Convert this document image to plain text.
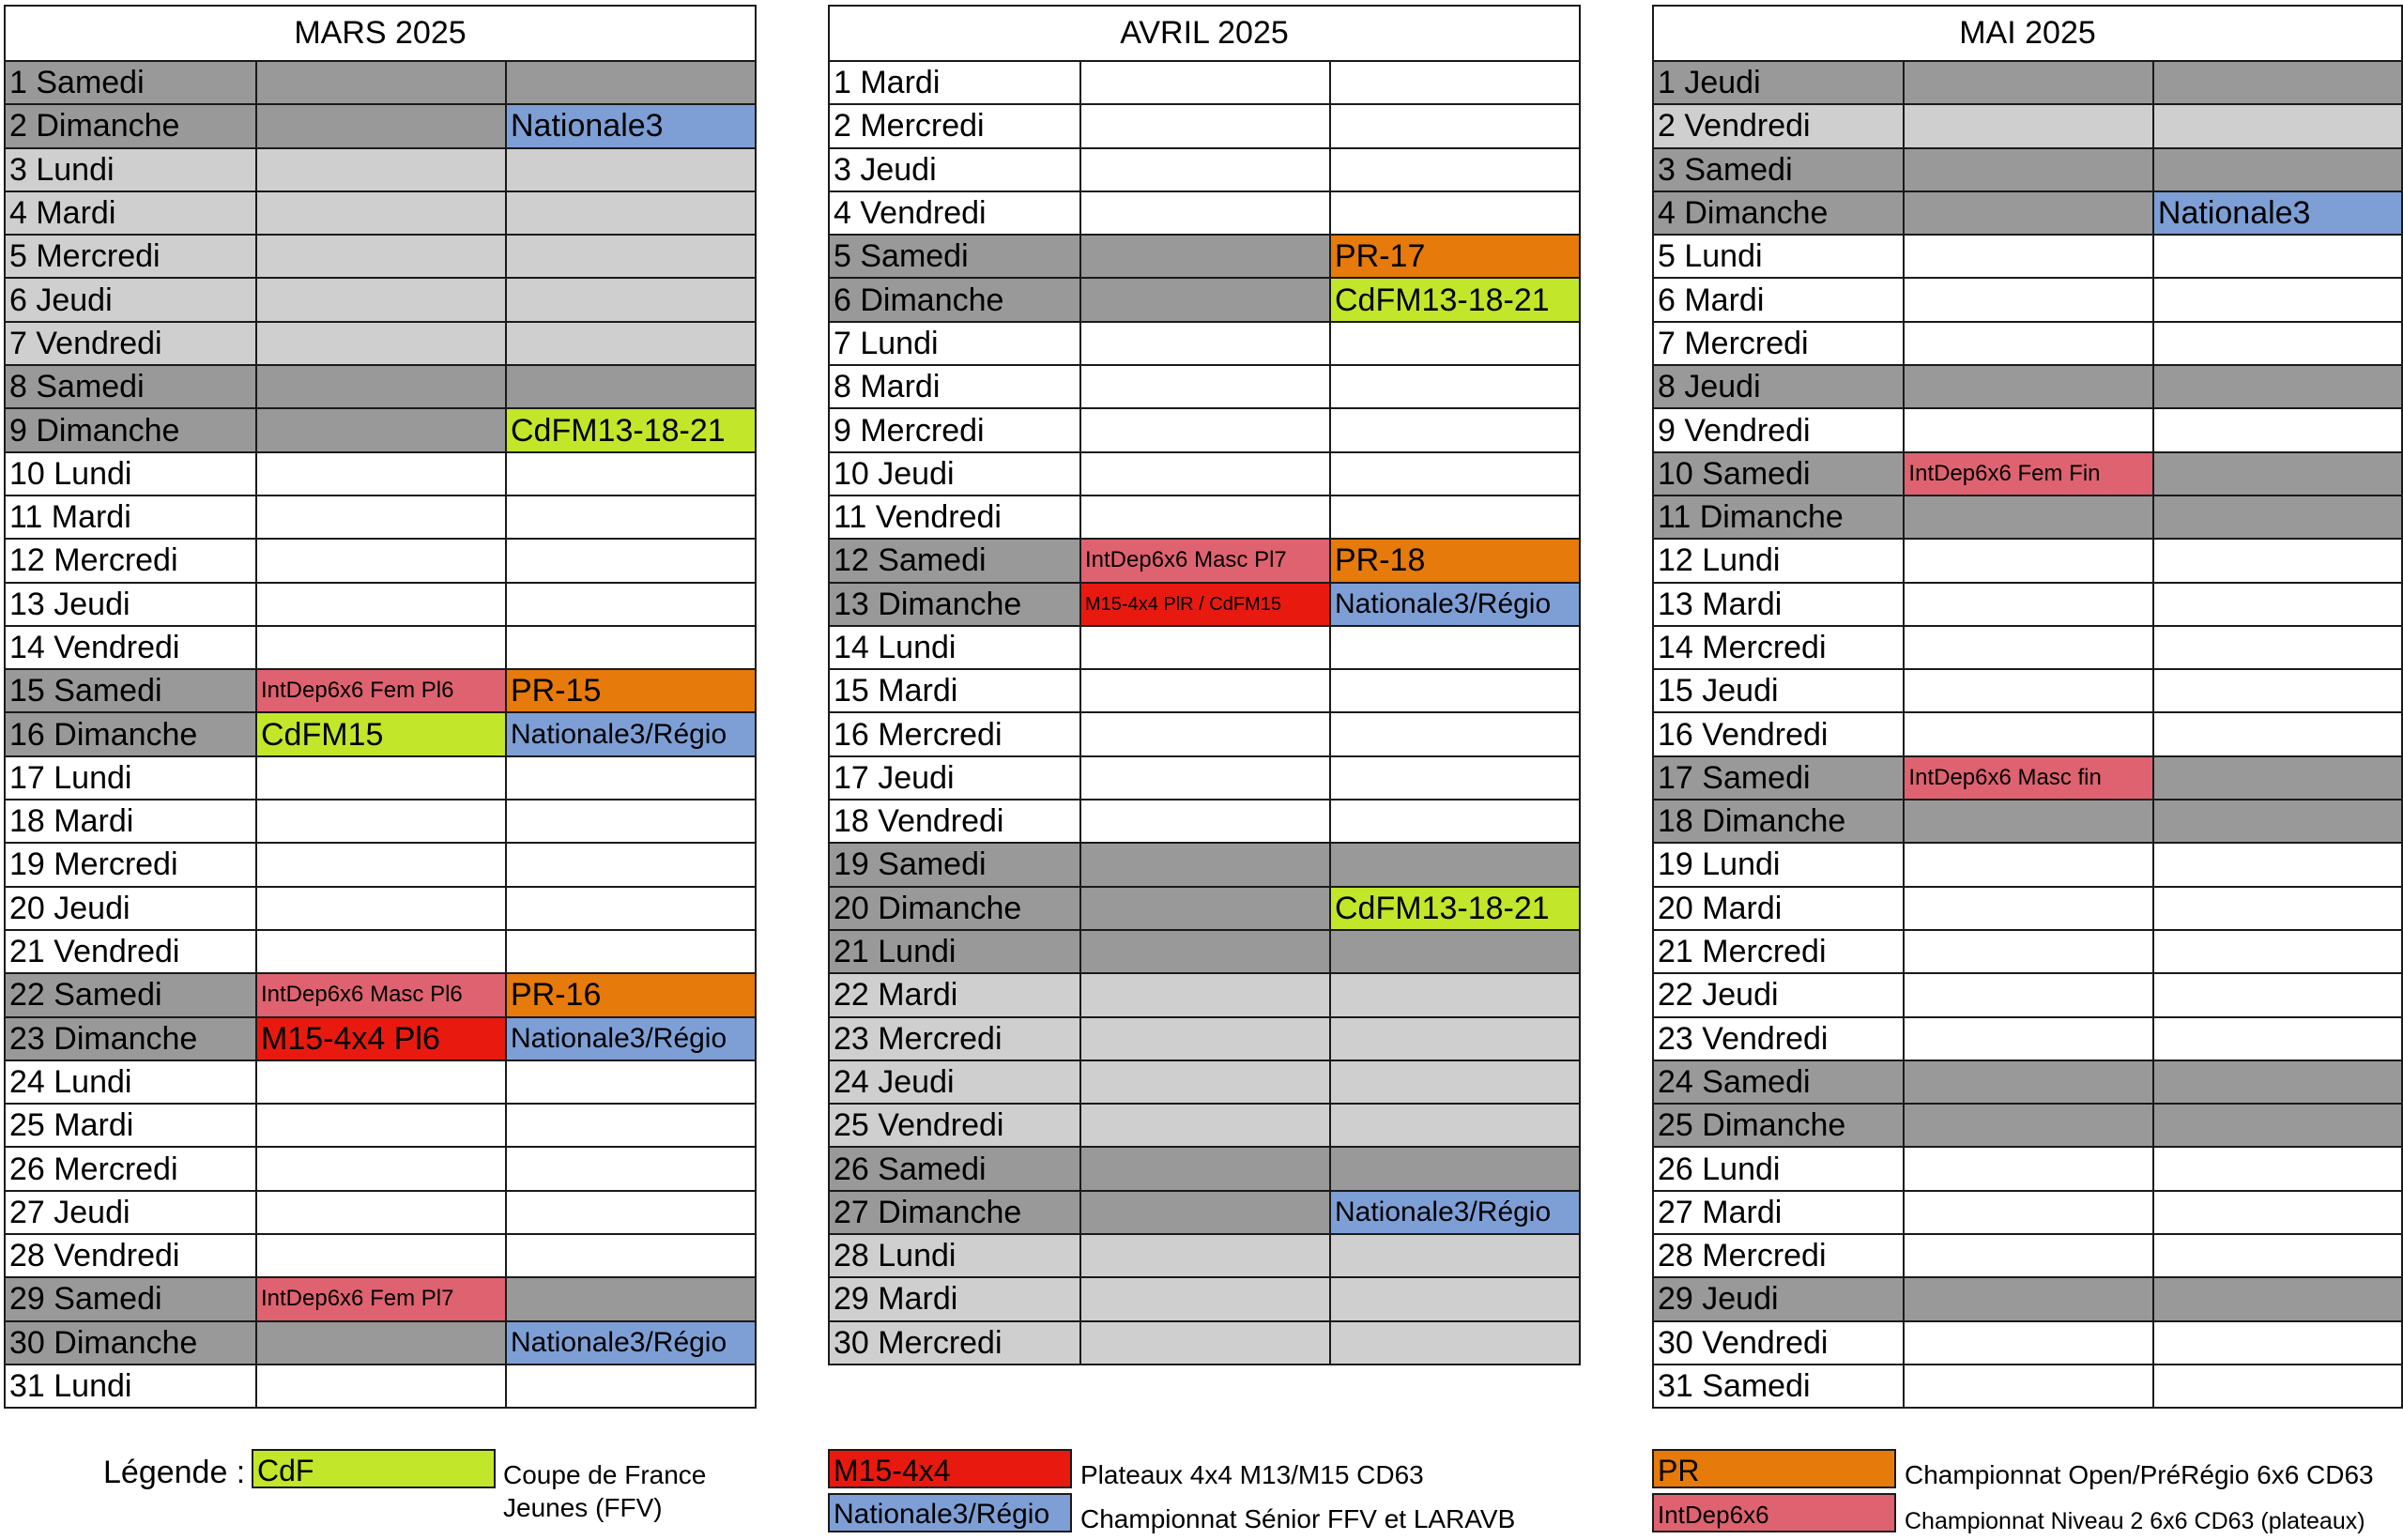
MARS 2025		
1 Samedi		
2 Dimanche		Nationale3
3 Lundi		
4 Mardi		
5 Mercredi		
6 Jeudi		
7 Vendredi		
8 Samedi		
9 Dimanche		CdFM13-18-21
10 Lundi		
11 Mardi		
12 Mercredi		
13 Jeudi		
14 Vendredi		
15 Samedi	IntDep6x6 Fem Pl6	PR-15
16 Dimanche	CdFM15	Nationale3/Régio
17 Lundi		
18 Mardi		
19 Mercredi		
20 Jeudi		
21 Vendredi		
22 Samedi	IntDep6x6 Masc Pl6	PR-16
23 Dimanche	M15-4x4 Pl6	Nationale3/Régio
24 Lundi		
25 Mardi		
26 Mercredi		
27 Jeudi		
28 Vendredi		
29 Samedi	IntDep6x6 Fem Pl7	
30 Dimanche		Nationale3/Régio
31 Lundi		
AVRIL 2025		
1 Mardi		
2 Mercredi		
3 Jeudi		
4 Vendredi		
5 Samedi		PR-17
6 Dimanche		CdFM13-18-21
7 Lundi		
8 Mardi		
9 Mercredi		
10 Jeudi		
11 Vendredi		
12 Samedi	IntDep6x6 Masc Pl7	PR-18
13 Dimanche	M15-4x4 PlR / CdFM15	Nationale3/Régio
14 Lundi		
15 Mardi		
16 Mercredi		
17 Jeudi		
18 Vendredi		
19 Samedi		
20 Dimanche		CdFM13-18-21
21 Lundi		
22 Mardi		
23 Mercredi		
24 Jeudi		
25 Vendredi		
26 Samedi		
27 Dimanche		Nationale3/Régio
28 Lundi		
29 Mardi		
30 Mercredi		
MAI 2025		
1 Jeudi		
2 Vendredi		
3 Samedi		
4 Dimanche		Nationale3
5 Lundi		
6 Mardi		
7 Mercredi		
8 Jeudi		
9 Vendredi		
10 Samedi	IntDep6x6 Fem Fin	
11 Dimanche		
12 Lundi		
13 Mardi		
14 Mercredi		
15 Jeudi		
16 Vendredi		
17 Samedi	IntDep6x6 Masc fin	
18 Dimanche		
19 Lundi		
20 Mardi		
21 Mercredi		
22 Jeudi		
23 Vendredi		
24 Samedi		
25 Dimanche		
26 Lundi		
27 Mardi		
28 Mercredi		
29 Jeudi		
30 Vendredi		
31 Samedi		
Légende : CdF	Coupe de France
Jeunes (FFV)
M15-4x4	Plateaux 4x4 M13/M15 CD63
Nationale3/Régio	Championnat Sénior FFV et LARAVB
PR	Championnat Open/PréRégio 6x6 CD63
IntDep6x6	Championnat Niveau 2 6x6 CD63 (plateaux)
